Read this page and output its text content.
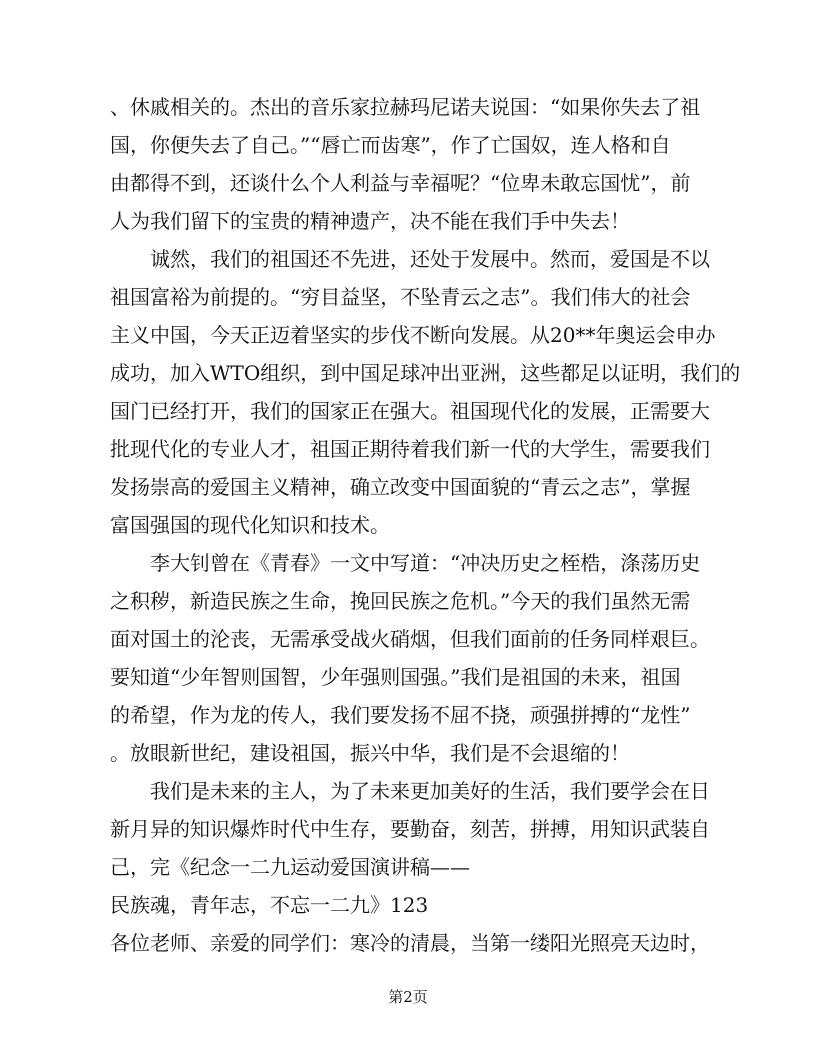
、休戚相关的。杰出的音乐家拉赫玛尼诺夫说国：“如果你失去了祖
国，你便失去了自己。”“唇亡而齿寒”，作了亡国奴，连人格和自
由都得不到，还谈什么个人利益与幸福呢？“位卑未敢忘国忧”，前
人为我们留下的宝贵的精神遗产，决不能在我们手中失去！
　　诚然，我们的祖国还不先进，还处于发展中。然而，爱国是不以
祖国富裕为前提的。“穷目益坚，不坠青云之志”。我们伟大的社会
主义中国，今天正迈着坚实的步伐不断向发展。从20**年奥运会申办
成功，加入WTO组织，到中国足球冲出亚洲，这些都足以证明，我们的
国门已经打开，我们的国家正在强大。祖国现代化的发展，正需要大
批现代化的专业人才，祖国正期待着我们新一代的大学生，需要我们
发扬崇高的爱国主义精神，确立改变中国面貌的“青云之志”，掌握
富国强国的现代化知识和技术。
　　李大钊曾在《青春》一文中写道：“冲决历史之桎梏，涤荡历史
之积秽，新造民族之生命，挽回民族之危机。”今天的我们虽然无需
面对国土的沦丧，无需承受战火硝烟，但我们面前的任务同样艰巨。
要知道“少年智则国智，少年强则国强。”我们是祖国的未来，祖国
的希望，作为龙的传人，我们要发扬不屈不挠，顽强拼搏的“龙性”
。放眼新世纪，建设祖国，振兴中华，我们是不会退缩的！
　　我们是未来的主人，为了未来更加美好的生活，我们要学会在日
新月异的知识爆炸时代中生存，要勤奋，刻苦，拼搏，用知识武装自
己，完《纪念一二九运动爱国演讲稿——
民族魂，青年志，不忘一二九》123
各位老师、亲爱的同学们：寒冷的清晨，当第一缕阳光照亮天边时，
第2页
